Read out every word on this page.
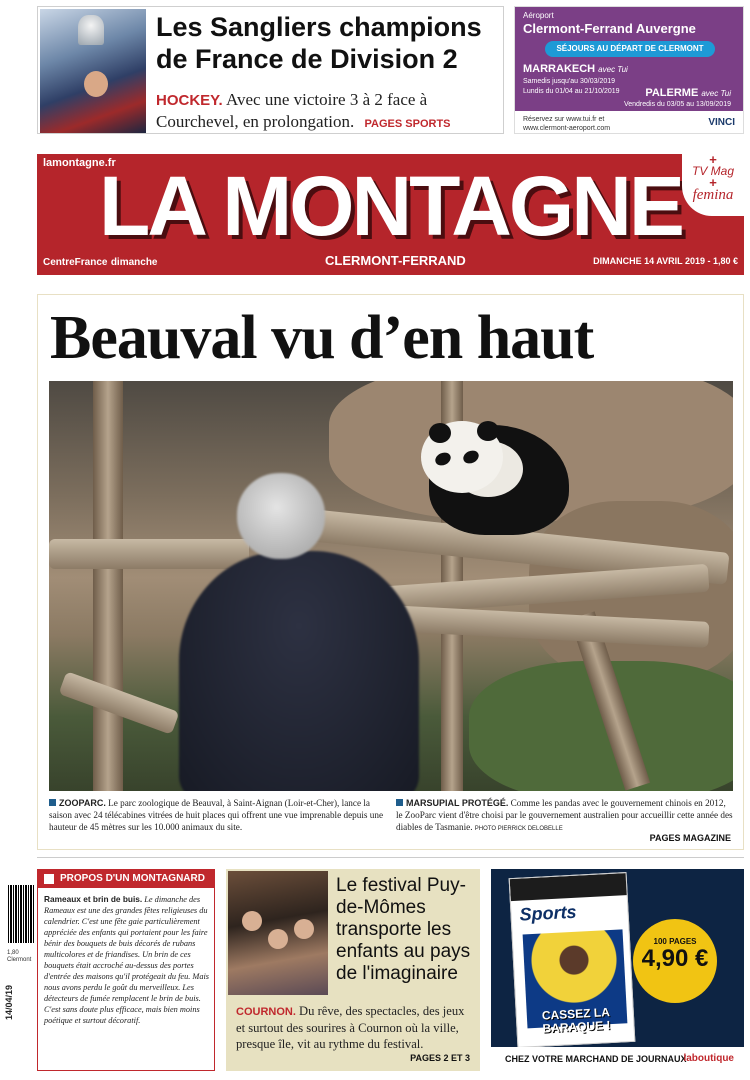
Les Sangliers champions de France de Division 2
HOCKEY. Avec une victoire 3 à 2 face à Courchevel, en prolongation. PAGES SPORTS
Aéroport
Clermont-Ferrand Auvergne
SÉJOURS AU DÉPART DE CLERMONT
MARRAKECH avec Tui
Samedis jusqu'au 30/03/2019
Lundis du 01/04 au 21/10/2019 PALERME avec Tui
Vendredis du 03/05 au 13/09/2019
Réservez sur www.tui.fr et
www.clermont-aeroport.com
VINCI
lamontagne.fr
LA MONTAGNE	+
TV Mag
+
femina
CentreFrance dimanche	CLERMONT-FERRAND	DIMANCHE 14 AVRIL 2019 - 1,80 €
Beauval vu d’en haut
ZOOPARC. Le parc zoologique de Beauval, à Saint-Aignan (Loir-et-Cher), lance la saison avec 24 télécabines vitrées de huit places qui offrent une vue imprenable depuis une hauteur de 45 mètres sur les 10.000 animaux du site.
MARSUPIAL PROTÉGÉ. Comme les pandas avec le gouvernement chinois en 2012, le ZooParc vient d'être choisi par le gouvernement australien pour accueillir cette année des diables de Tasmanie. PHOTO PIERRICK DELOBELLE
PAGES MAGAZINE
1,80
Clermont
14/04/19
PROPOS D'UN MONTAGNARD
Rameaux et brin de buis. Le dimanche des Rameaux est une des grandes fêtes religieuses du calendrier. C'est une fête gaie particulièrement appréciée des enfants qui portaient pour les faire bénir des bouquets de buis décorés de rubans multicolores et de friandises. Un brin de ces bouquets était accroché au-dessus des portes d'entrée des maisons qu'il protégeait du feu. Mais nous avons perdu le goût du merveilleux. Les détecteurs de fumée remplacent le brin de buis. C'est sans doute plus efficace, mais bien moins poétique et surtout décoratif.
Le festival Puy-de-Mômes transporte les enfants au pays de l'imaginaire
COURNON. Du rêve, des spectacles, des jeux et surtout des sourires à Cournon où la ville, presque île, vit au rythme du festival.
PAGES 2 ET 3
Sports
CASSEZ LA BARAQUE !
100 PAGES
4,90 €
CHEZ VOTRE MARCHAND DE JOURNAUX
laboutique
